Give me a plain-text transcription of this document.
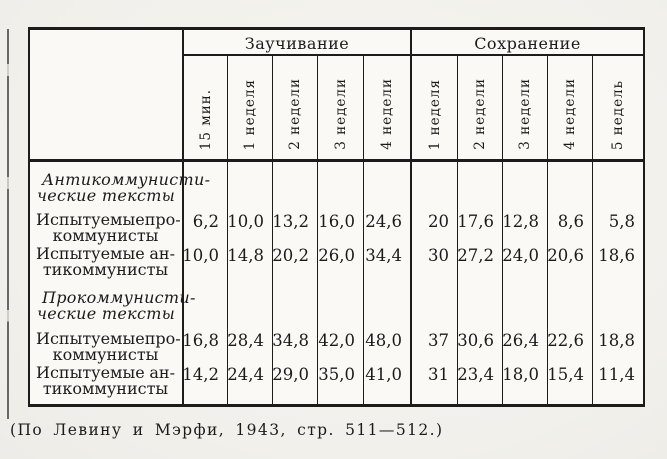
Заучивание	Сохранение
15 мин. 1 неделя 2 недели 3 недели 4 недели 1 неделя 2 недели 3 недели 4 недели 5 недель
Антикоммунисти-
ческие тексты
Испытуемые про-
коммунисты
6,2 10,0 13,2 16,0 24,6	20 17,6 12,8	8,6	5,8
Испытуемые ан-
тикоммунисты
10,0 14,8 20,2 26,0 34,4	30 27,2 24,0 20,6 18,6
Прокоммунисти-
ческие тексты
Испытуемые про-
коммунисты
16,8 28,4 34,8 42,0 48,0	37 30,6 26,4 22,6 18,8
Испытуемые ан-
тикоммунисты
14,2 24,4 29,0 35,0 41,0	31 23,4 18,0 15,4 11,4
(По Левину и Мэрфи, 1943, стр. 511—512.)
